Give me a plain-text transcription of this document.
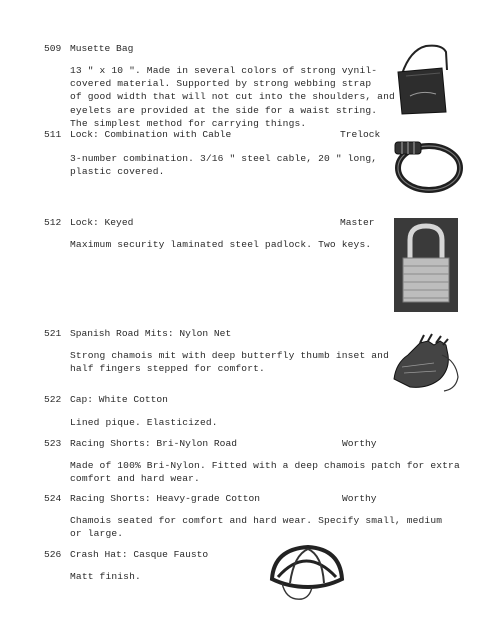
509 Musette Bag
13 " x 10 ". Made in several colors of strong vynil-
covered material. Supported by strong webbing strap
of good width that will not cut into the shoulders, and
eyelets are provided at the side for a waist string.
The simplest method for carrying things.
511 Lock: Combination with Cable	Trelock
3-number combination. 3/16 " steel cable, 20 " long,
plastic covered.
512 Lock: Keyed	Master
Maximum security laminated steel padlock. Two keys.
521 Spanish Road Mits: Nylon Net
Strong chamois mit with deep butterfly thumb inset and
half fingers stepped for comfort.
522 Cap: White Cotton
Lined pique. Elasticized.
523 Racing Shorts: Bri-Nylon Road	Worthy
Made of 100% Bri-Nylon. Fitted with a deep chamois patch for extra
comfort and hard wear.
524 Racing Shorts: Heavy-grade Cotton	Worthy
Chamois seated for comfort and hard wear. Specify small, medium
or large.
526 Crash Hat: Casque Fausto
Matt finish.
